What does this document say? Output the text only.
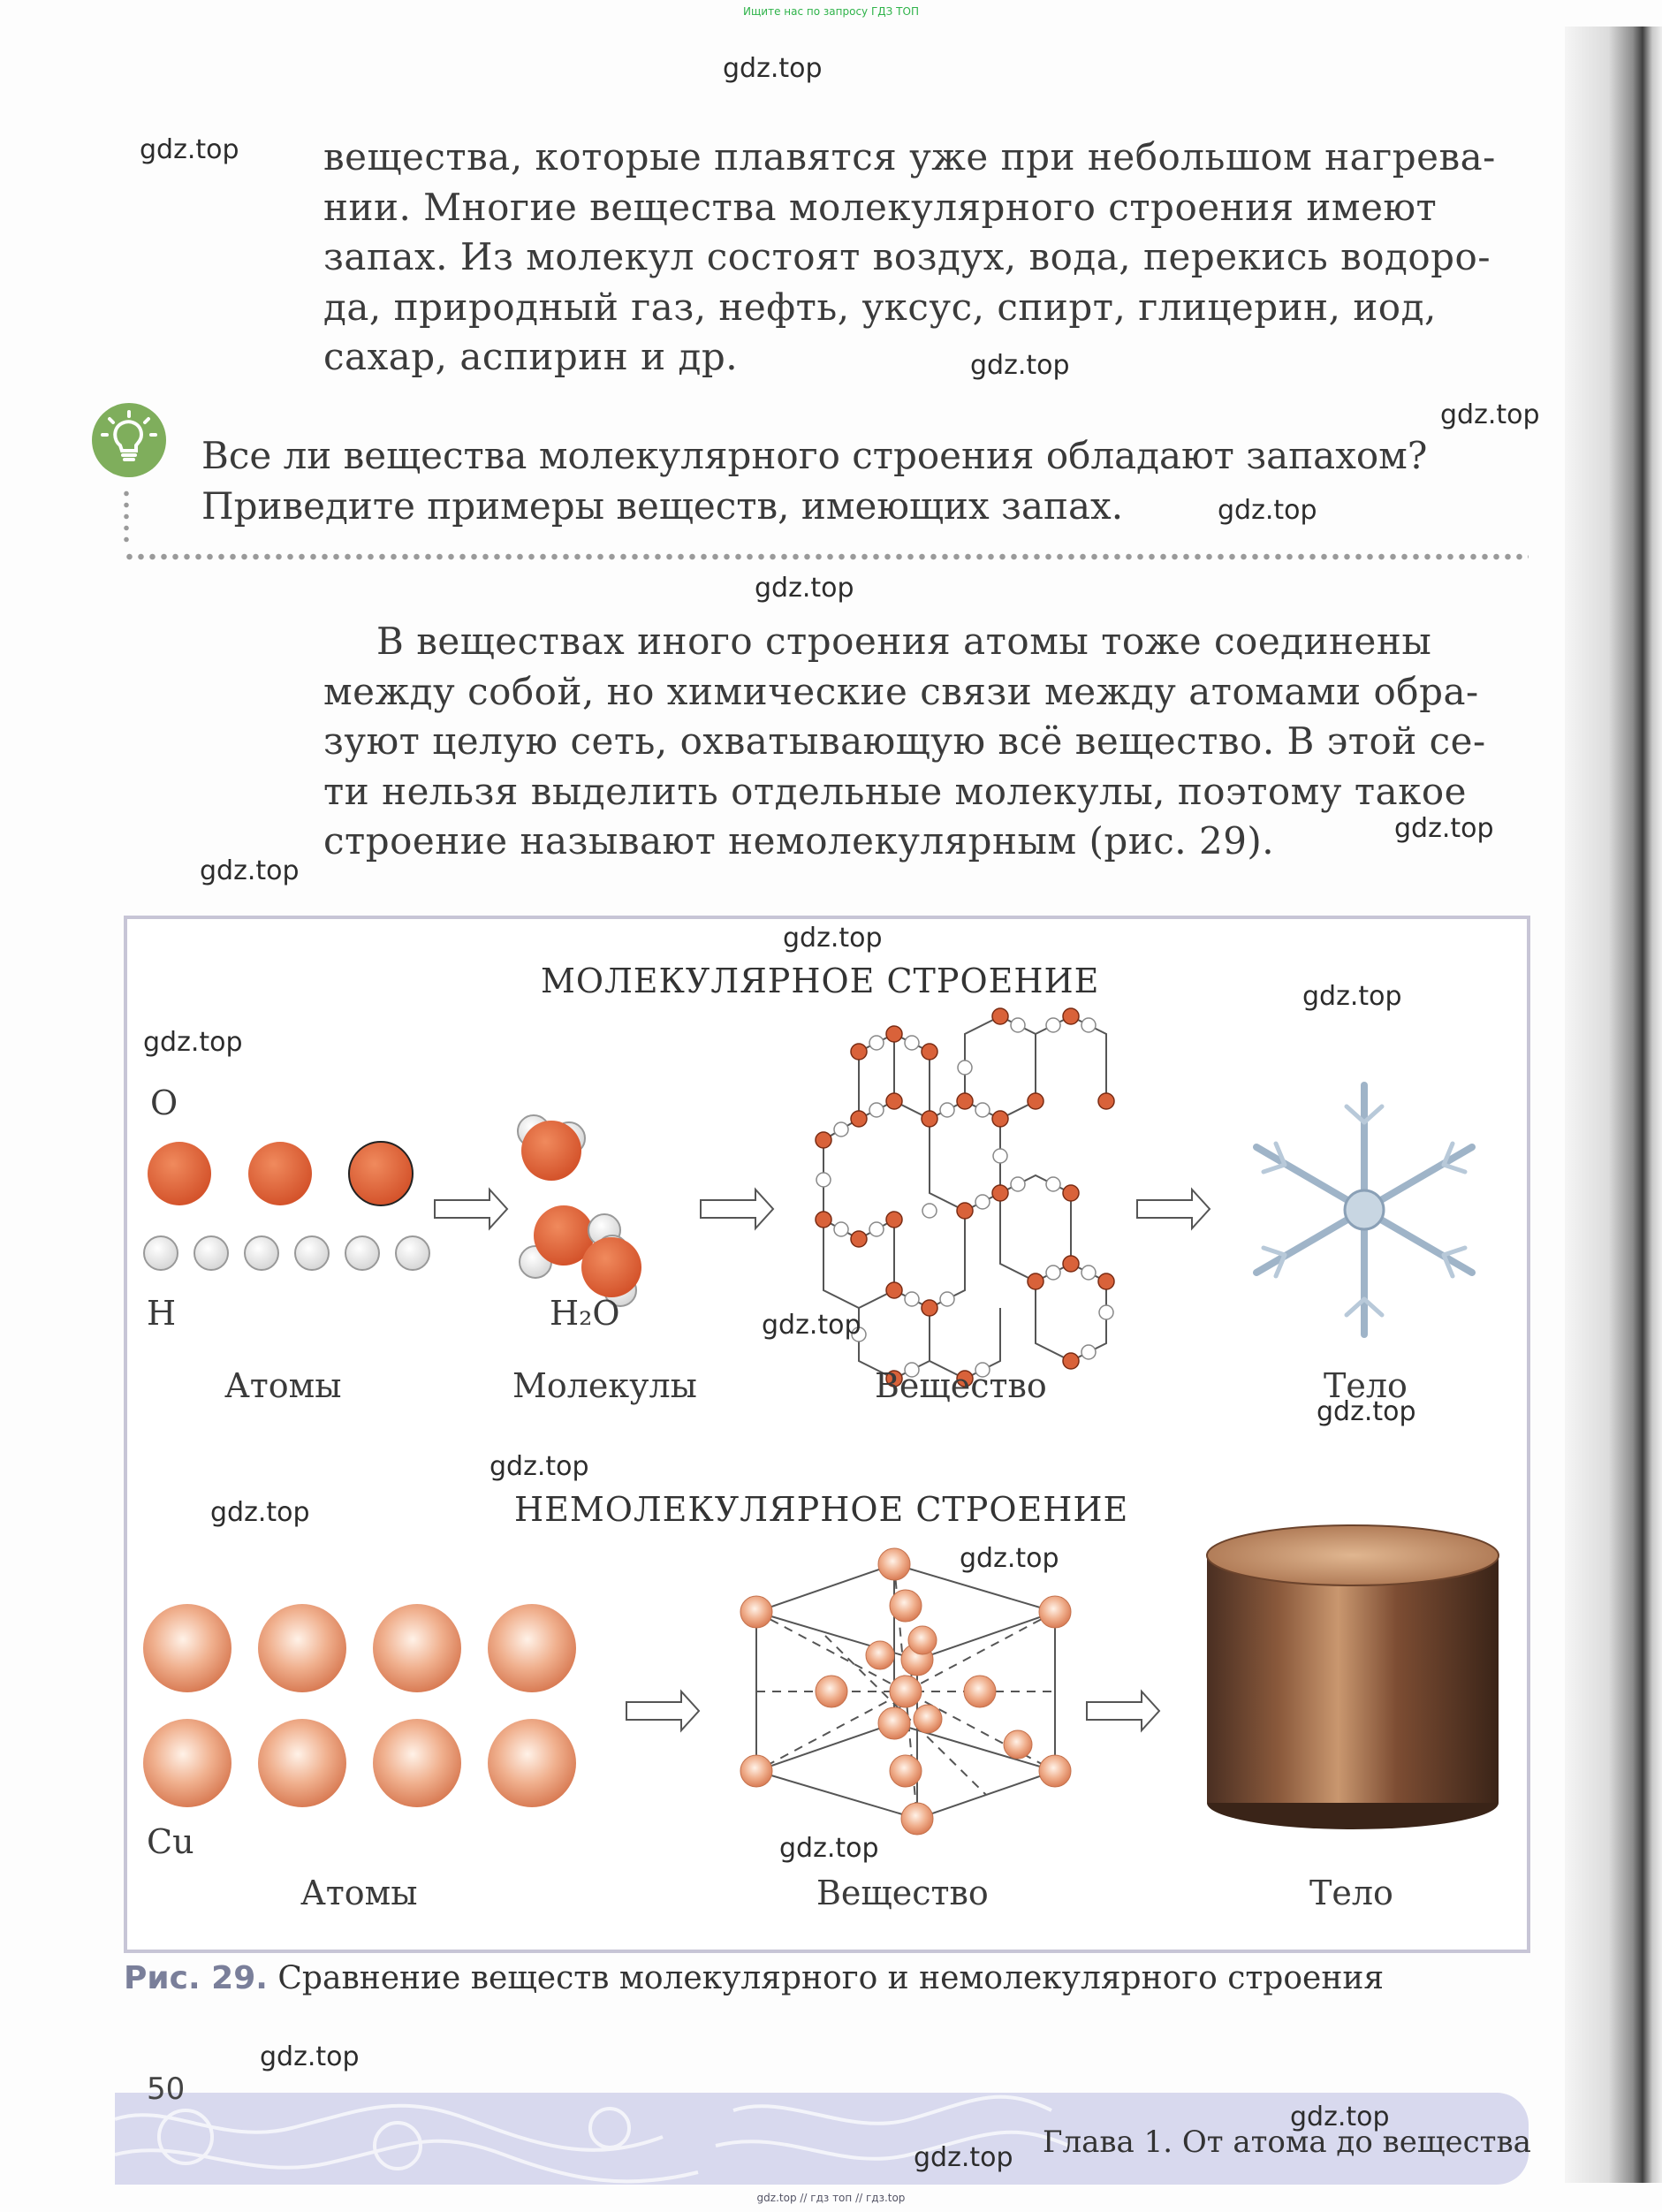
Ищите нас по запросу ГДЗ ТОП
вещества, которые плавятся уже при небольшом нагрева-
нии. Многие вещества молекулярного строения имеют
запах. Из молекул состоят воздух, вода, перекись водоро-
да, природный газ, нефть, уксус, спирт, глицерин, иод,
сахар, аспирин и др.
Все ли вещества молекулярного строения обладают запахом?
Приведите примеры веществ, имеющих запах.
В веществах иного строения атомы тоже соединены
между собой, но химические связи между атомами обра-
зуют целую сеть, охватывающую всё вещество. В этой се-
ти нельзя выделить отдельные молекулы, поэтому такое
строение называют немолекулярным (рис. 29).
МОЛЕКУЛЯРНОЕ СТРОЕНИЕ
O
H	H₂O
Атомы	Молекулы	Вещество	Тело
НЕМОЛЕКУЛЯРНОЕ СТРОЕНИЕ
Cu
Атомы	Вещество	Тело
Рис. 29. Сравнение веществ молекулярного и немолекулярного строения
50
Глава 1. От атома до вещества
gdz.top
gdz.top
gdz.top
gdz.top
gdz.top
gdz.top
gdz.top
gdz.top
gdz.top
gdz.top
gdz.top
gdz.top
gdz.top
gdz.top
gdz.top
gdz.top
gdz.top
gdz.top
gdz.top
gdz.top
gdz.top // гдз топ // гдз.top
